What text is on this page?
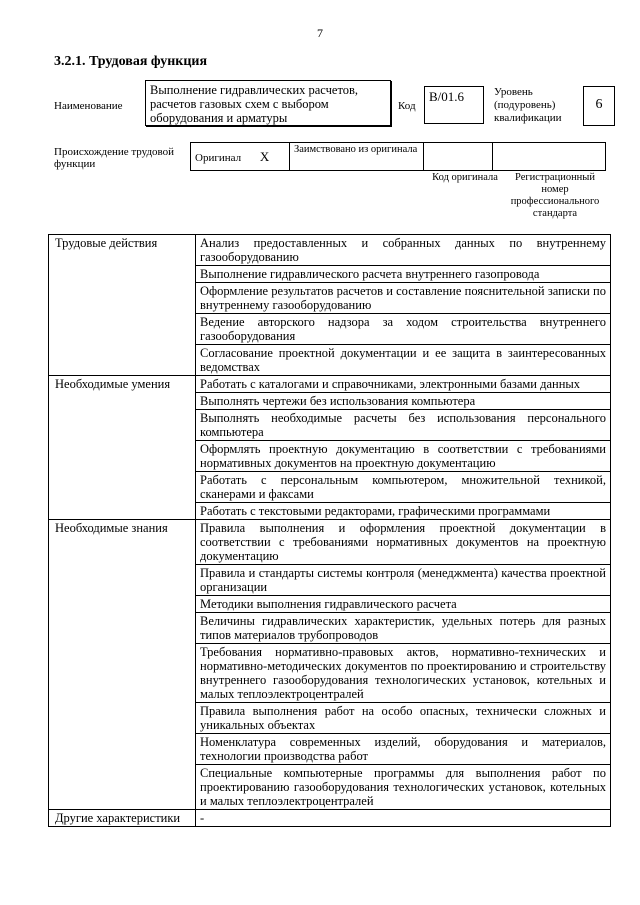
7
3.2.1. Трудовая функция
Наименование
Выполнение гидравлических расчетов, расчетов газовых схем с выбором оборудования и арматуры
Код
B/01.6	Уровень (подуровень) квалификации
6
Происхождение трудовой функции
Оригинал X	Заимствовано из оригинала		
Код оригинала	Регистрационный номер профессионального стандарта
Трудовые действия	Анализ предоставленных и собранных данных по внутреннему газооборудованию
	Выполнение гидравлического расчета внутреннего газопровода
	Оформление результатов расчетов и составление пояснительной записки по внутреннему газооборудованию
	Ведение авторского надзора за ходом строительства внутреннего газооборудования
	Согласование проектной документации и ее защита в заинтересованных ведомствах
Необходимые умения	Работать с каталогами и справочниками, электронными базами данных
	Выполнять чертежи без использования компьютера
	Выполнять необходимые расчеты без использования персонального компьютера
	Оформлять проектную документацию в соответствии с требованиями нормативных документов на проектную документацию
	Работать с персональным компьютером, множительной техникой, сканерами и факсами
	Работать с текстовыми редакторами, графическими программами
Необходимые знания	Правила выполнения и оформления проектной документации в соответствии с требованиями нормативных документов на проектную документацию
	Правила и стандарты системы контроля (менеджмента) качества проектной организации
	Методики выполнения гидравлического расчета
	Величины гидравлических характеристик, удельных потерь для разных типов материалов трубопроводов
	Требования нормативно-правовых актов, нормативно-технических и нормативно-методических документов по проектированию и строительству внутреннего газооборудования технологических установок, котельных и малых теплоэлектроцентралей
	Правила выполнения работ на особо опасных, технически сложных и уникальных объектах
	Номенклатура современных изделий, оборудования и материалов, технологии производства работ
	Специальные компьютерные программы для выполнения работ по проектированию газооборудования технологических установок, котельных и малых теплоэлектроцентралей
Другие характеристики	-
